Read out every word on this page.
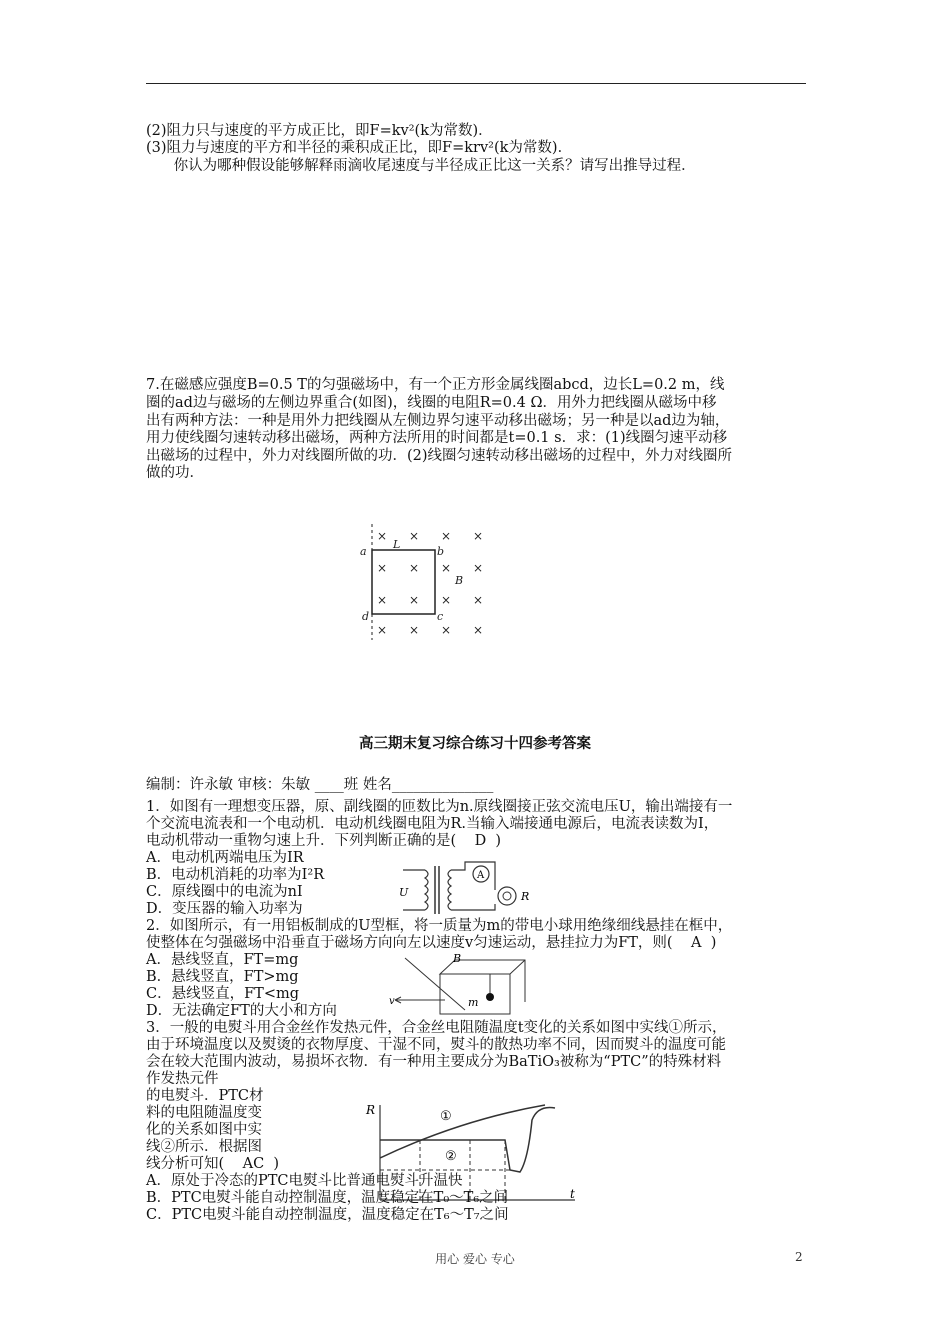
(2)阻力只与速度的平方成正比，即F=kv²(k为常数)．
(3)阻力与速度的平方和半径的乘积成正比，即F=krv²(k为常数)．
你认为哪种假设能够解释雨滴收尾速度与半径成正比这一关系？请写出推导过程．
7.在磁感应强度B=0.5 T的匀强磁场中，有一个正方形金属线圈abcd，边长L=0.2 m，线
圈的ad边与磁场的左侧边界重合(如图)，线圈的电阻R=0.4 Ω．用外力把线圈从磁场中移
出有两种方法：一种是用外力把线圈从左侧边界匀速平动移出磁场；另一种是以ad边为轴，
用力使线圈匀速转动移出磁场，两种方法所用的时间都是t=0.1 s．求：(1)线圈匀速平动移
出磁场的过程中，外力对线圈所做的功．(2)线圈匀速转动移出磁场的过程中，外力对线圈所
做的功．
× × × ×
× × × ×
× × × ×
× × × ×
a	b
c
d
L
B
高三期末复习综合练习十四参考答案
A
U	R
B
v	m
R
t
①
②
编制：许永敏 审核：朱敏 ____班 姓名______________
1．如图有一理想变压器，原、副线圈的匝数比为n.原线圈接正弦交流电压U，输出端接有一
个交流电流表和一个电动机．电动机线圈电阻为R.当输入端接通电源后，电流表读数为I，
电动机带动一重物匀速上升．下列判断正确的是(    D  )
A．电动机两端电压为IR
B．电动机消耗的功率为I²R
C．原线圈中的电流为nI
D．变压器的输入功率为
2．如图所示，有一用铝板制成的U型框，将一质量为m的带电小球用绝缘细线悬挂在框中，
使整体在匀强磁场中沿垂直于磁场方向向左以速度v匀速运动，悬挂拉力为FT，则(    A  )
A．悬线竖直，FT=mg
B．悬线竖直，FT>mg
C．悬线竖直，FT<mg
D．无法确定FT的大小和方向
3．一般的电熨斗用合金丝作发热元件，合金丝电阻随温度t变化的关系如图中实线①所示，
由于环境温度以及熨烫的衣物厚度、干湿不同，熨斗的散热功率不同，因而熨斗的温度可能
会在较大范围内波动，易损坏衣物．有一种用主要成分为BaTiO₃被称为“PTC”的特殊材料
作发热元件
的电熨斗．PTC材
料的电阻随温度变
化的关系如图中实
线②所示．根据图
线分析可知(    AC  )
A．原处于冷态的PTC电熨斗比普通电熨斗升温快
B．PTC电熨斗能自动控制温度，温度稳定在T₀～T₆之间
C．PTC电熨斗能自动控制温度，温度稳定在T₆～T₇之间
用心 爱心 专心	2
